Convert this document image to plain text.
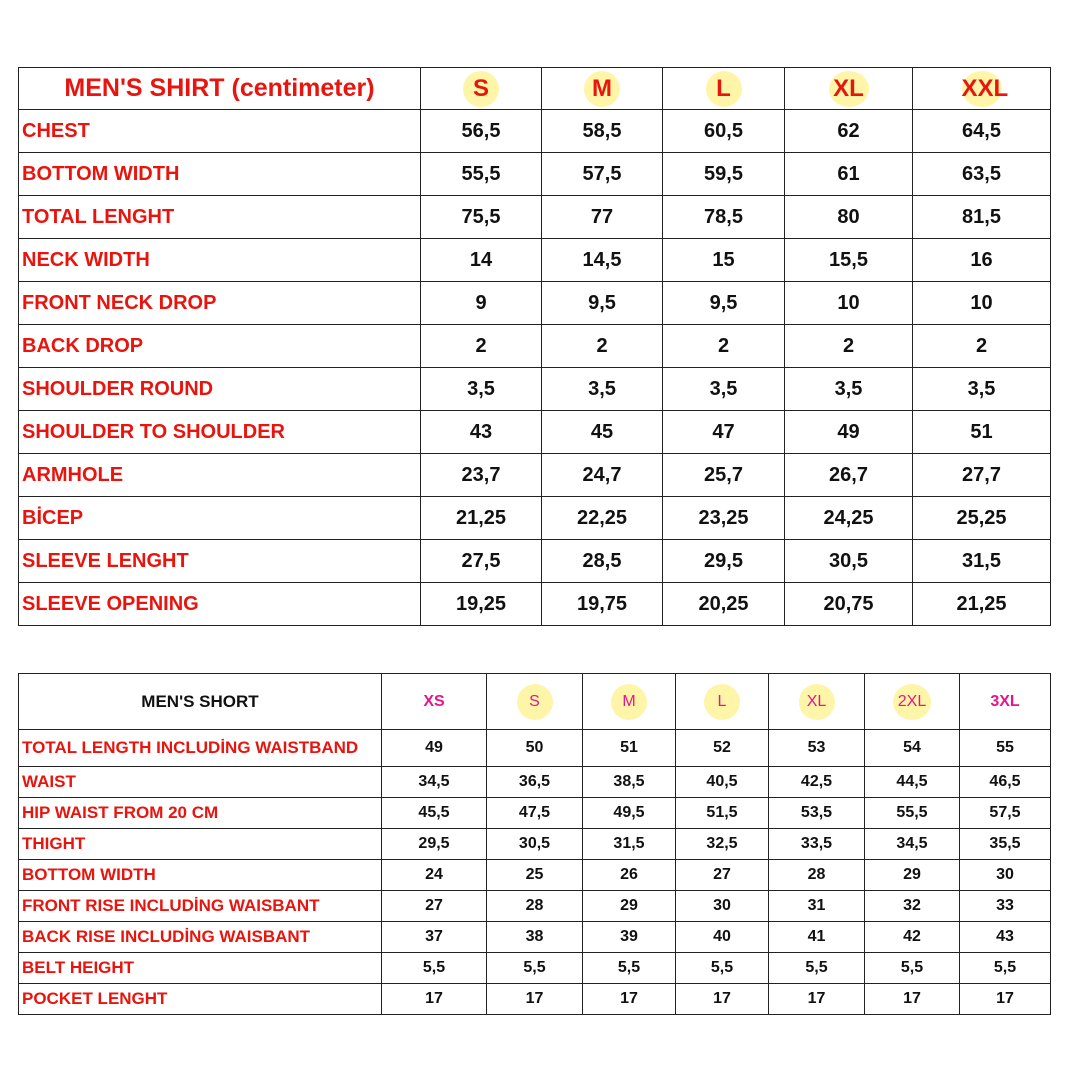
MEN'S SHIRT (centimeter)	S	M	L	XL	XXL
CHEST	56,5	58,5	60,5	62	64,5
BOTTOM WIDTH	55,5	57,5	59,5	61	63,5
TOTAL LENGHT	75,5	77	78,5	80	81,5
NECK WIDTH	14	14,5	15	15,5	16
FRONT NECK DROP	9	9,5	9,5	10	10
BACK DROP	2	2	2	2	2
SHOULDER ROUND	3,5	3,5	3,5	3,5	3,5
SHOULDER TO SHOULDER	43	45	47	49	51
ARMHOLE	23,7	24,7	25,7	26,7	27,7
BİCEP	21,25	22,25	23,25	24,25	25,25
SLEEVE LENGHT	27,5	28,5	29,5	30,5	31,5
SLEEVE OPENING	19,25	19,75	20,25	20,75	21,25
MEN'S SHORT	XS	S	M	L	XL	2XL	3XL
TOTAL LENGTH INCLUDİNG WAISTBAND	49	50	51	52	53	54	55
WAIST	34,5	36,5	38,5	40,5	42,5	44,5	46,5
HIP WAIST FROM 20 CM	45,5	47,5	49,5	51,5	53,5	55,5	57,5
THIGHT	29,5	30,5	31,5	32,5	33,5	34,5	35,5
BOTTOM WIDTH	24	25	26	27	28	29	30
FRONT RISE INCLUDİNG WAISBANT	27	28	29	30	31	32	33
BACK RISE INCLUDİNG WAISBANT	37	38	39	40	41	42	43
BELT HEIGHT	5,5	5,5	5,5	5,5	5,5	5,5	5,5
POCKET LENGHT	17	17	17	17	17	17	17
